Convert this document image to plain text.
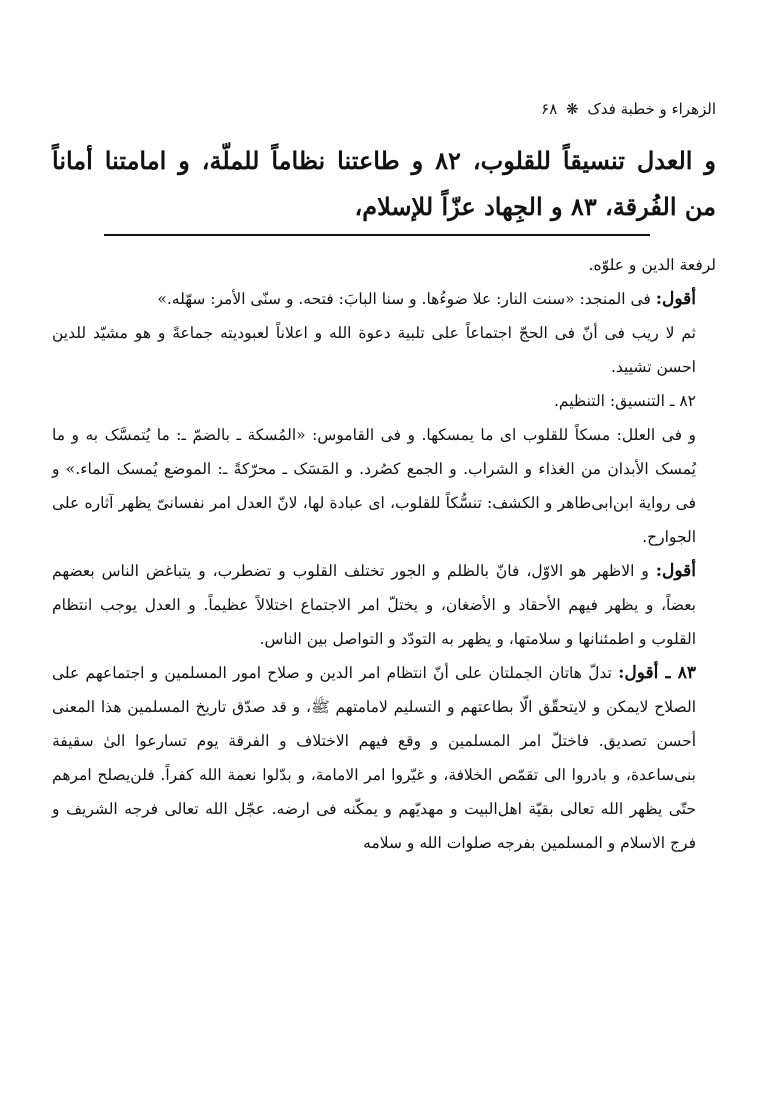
الزهراء و خطبة فدک ❋ ۶۸
و العدل تنسيقاً للقلوب، ۸۲ و طاعتنا نظاماً للملّة، و امامتنا أماناً من الفُرقة، ۸۳ و الجِهاد عزّاً للإسلام،

لرفعة الدين و علوّه.

أقول: فی المنجد: «سنت النار: علا ضوءُها. و سنا البابَ: فتحه. و سنّی الأمر: سهّله.»

ثم لا ريب فی أنّ فی الحجّ اجتماعاً علی تلبية دعوة الله و اعلاناً لعبوديته جماعةً و هو مشيّد للدين احسن تشييد.

۸۲ ـ التنسيق: التنظيم.

و فی العلل: مسكاً للقلوب ای ما يمسكها. و فی القاموس: «المُسكة ـ بالضمّ ـ: ما يُتمسَّک به و ما يُمسک الأبدان من الغذاء و الشراب. و الجمع کصُرد. و المَسَک ـ محرّکةً ـ: الموضع يُمسک الماء.» و فی رواية ابن‌ابی‌طاهر و الکشف: تنسُّكاً للقلوب، ای عبادة لها، لانّ العدل امر نفسانیّ يظهر آثاره علی الجوارح.

أقول: و الاظهر هو الاوّل، فانّ بالظلم و الجور تختلف القلوب و تضطرب، و يتباغض الناس بعضهم بعضاً، و يظهر فيهم الأحقاد و الأضغان، و يختلّ امر الاجتماع اختلالاً عظيماً. و العدل يوجب انتظام القلوب و اطمئنانها و سلامتها، و يظهر به التودّد و التواصل بين الناس.

۸۳ ـ أقول: تدلّ هاتان الجملتان علی أنّ انتظام امر الدين و صلاح امور المسلمين و اجتماعهم علی الصلاح لايمكن و لايتحقّق الّا بطاعتهم و التسليم لامامتهم ﷺ، و قد صدّق تاريخ المسلمين هذا المعنی أحسن تصديق. فاختلّ امر المسلمين و وقع فيهم الاختلاف و الفرقة يوم تسارعوا الیٰ سقيفة بنی‌ساعدة، و بادروا الی تقمّص الخلافة، و غيّروا امر الامامة، و بدّلوا نعمة الله كفراً. فلن‌يصلح امرهم حتّی يظهر الله تعالی بقيّة اهل‌البيت و مهديّهم و يمكّنه فی ارضه. عجّل الله تعالی فرجه الشريف و فرج الاسلام و المسلمين بفرجه صلوات الله و سلامه
